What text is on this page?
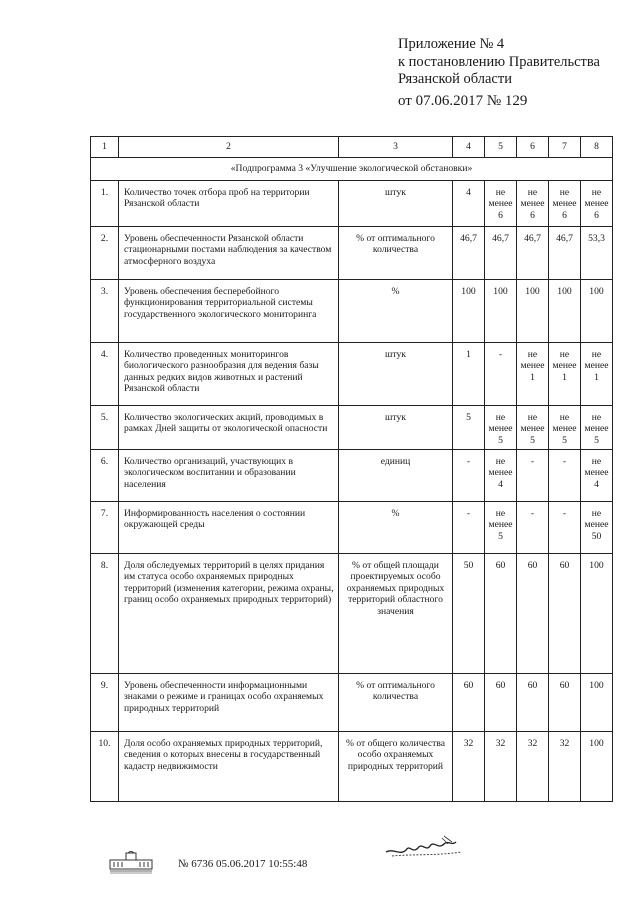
Приложение № 4
к постановлению Правительства
Рязанской области
от 07.06.2017 № 129
1	2	3	4	5	6	7	8
«Подпрограмма 3 «Улучшение экологической обстановки»							
1.	Количество точек отбора проб на территории Рязанской области	штук	4	не менее 6	не менее 6	не менее 6	не менее 6
2.	Уровень обеспеченности Рязанской области стационарными постами наблюдения за качеством атмосферного воздуха	% от оптимального количества	46,7	46,7	46,7	46,7	53,3
3.	Уровень обеспечения бесперебойного функционирования территориальной системы государственного экологического мониторинга	%	100	100	100	100	100
4.	Количество проведенных мониторингов биологического разнообразия для ведения базы данных редких видов животных и растений Рязанской области	штук	1	-	не менее 1	не менее 1	не менее 1
5.	Количество экологических акций, проводимых в рамках Дней защиты от экологической опасности	штук	5	не менее 5	не менее 5	не менее 5	не менее 5
6.	Количество организаций, участвующих в экологическом воспитании и образовании населения	единиц	-	не менее 4	-	-	не менее 4
7.	Информированность населения о состоянии окружающей среды	%	-	не менее 5	-	-	не менее 50
8.	Доля обследуемых территорий в целях придания им статуса особо охраняемых природных территорий (изменения категории, режима охраны, границ особо охраняемых природных территорий)	% от общей площади проектируемых особо охраняемых природных территорий областного значения	50	60	60	60	100
9.	Уровень обеспеченности информационными знаками о режиме и границах особо охраняемых природных территорий	% от оптимального количества	60	60	60	60	100
10.	Доля особо охраняемых природных территорий, сведения о которых внесены в государственный кадастр недвижимости	% от общего количества особо охраняемых природных территорий	32	32	32	32	100
№ 6736 05.06.2017 10:55:48
